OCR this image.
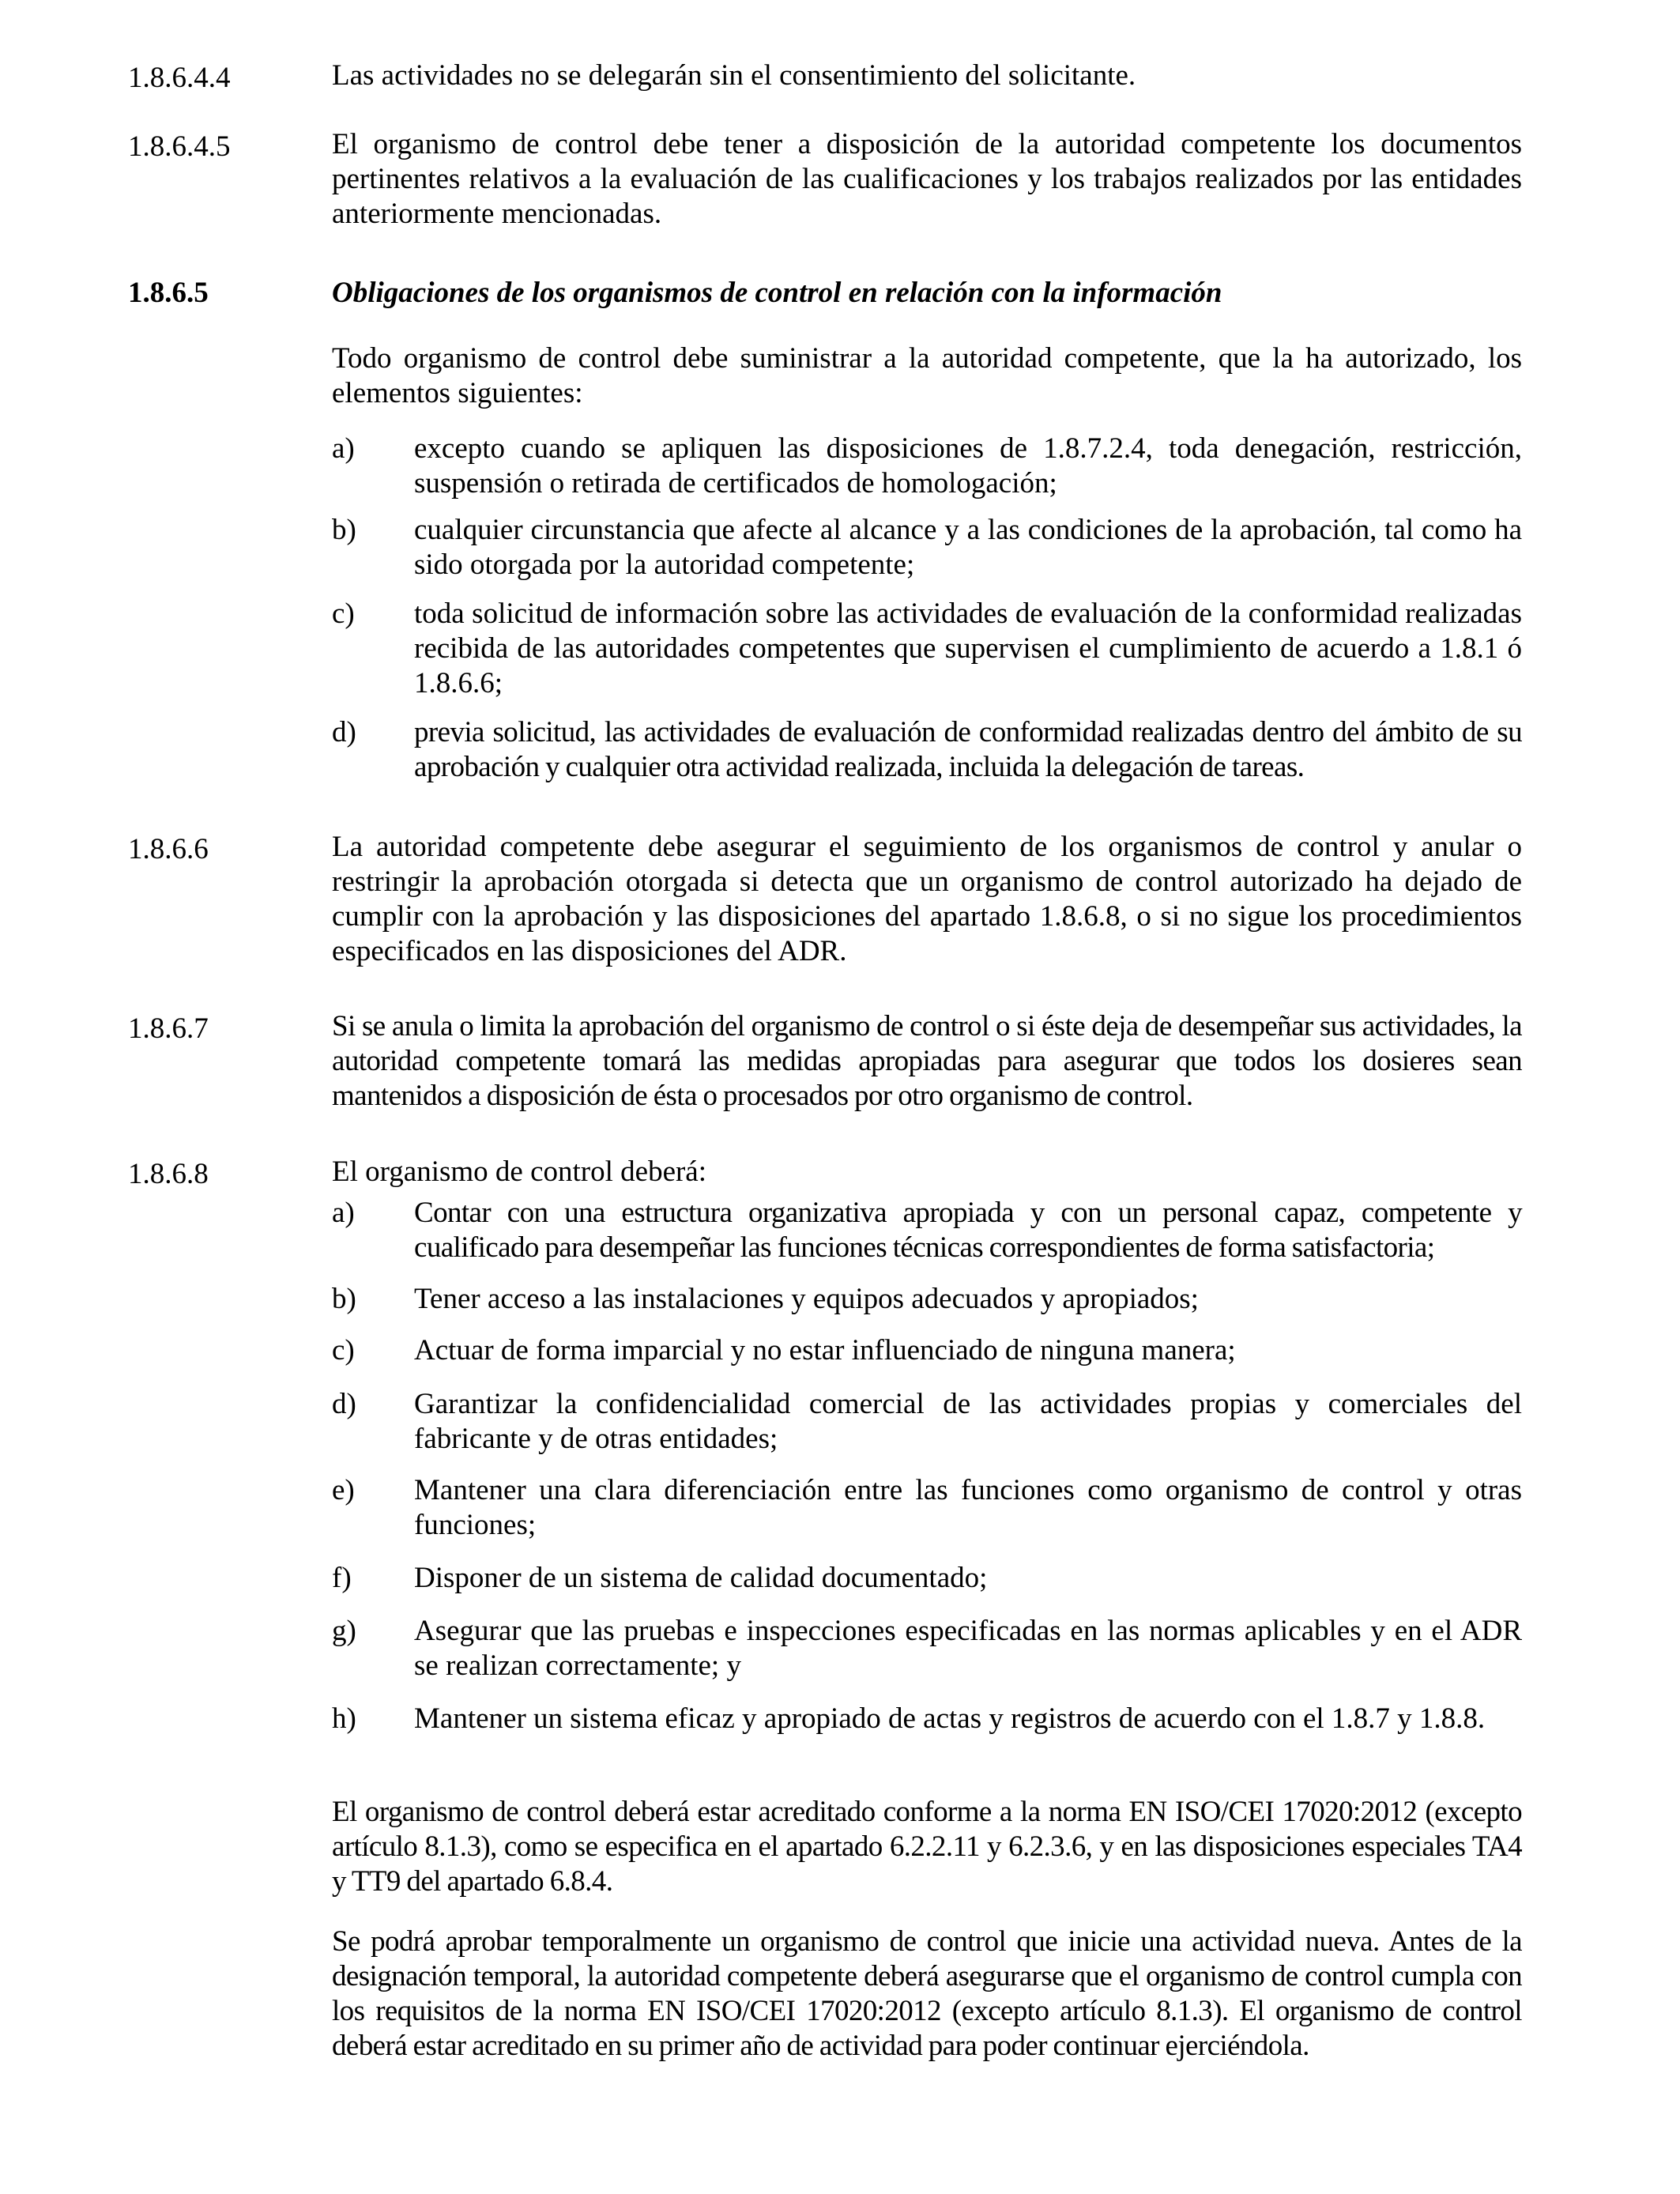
1.8.6.4.4	Las actividades no se delegarán sin el consentimiento del solicitante.
1.8.6.4.5	El organismo de control debe tener a disposición de la autoridad competente los documentos pertinentes relativos a la evaluación de las cualificaciones y los trabajos realizados por las entidades anteriormente mencionadas.
1.8.6.5	Obligaciones de los organismos de control en relación con la información
Todo organismo de control debe suministrar a la autoridad competente, que la ha autorizado, los elementos siguientes:
a) excepto cuando se apliquen las disposiciones de 1.8.7.2.4, toda denegación, restricción, suspensión o retirada de certificados de homologación;
b) cualquier circunstancia que afecte al alcance y a las condiciones de la aprobación, tal como ha sido otorgada por la autoridad competente;
c) toda solicitud de información sobre las actividades de evaluación de la conformidad realizadas recibida de las autoridades competentes que supervisen el cumplimiento de acuerdo a 1.8.1 ó 1.8.6.6;
d) previa solicitud, las actividades de evaluación de conformidad realizadas dentro del ámbito de su aprobación y cualquier otra actividad realizada, incluida la delegación de tareas.
1.8.6.6	La autoridad competente debe asegurar el seguimiento de los organismos de control y anular o restringir la aprobación otorgada si detecta que un organismo de control autorizado ha dejado de cumplir con la aprobación y las disposiciones del apartado 1.8.6.8, o si no sigue los procedimientos especificados en las disposiciones del ADR.
1.8.6.7	Si se anula o limita la aprobación del organismo de control o si éste deja de desempeñar sus actividades, la autoridad competente tomará las medidas apropiadas para asegurar que todos los dosieres sean mantenidos a disposición de ésta o procesados por otro organismo de control.
1.8.6.8	El organismo de control deberá:
a) Contar con una estructura organizativa apropiada y con un personal capaz, competente y cualificado para desempeñar las funciones técnicas correspondientes de forma satisfactoria;
b) Tener acceso a las instalaciones y equipos adecuados y apropiados;
c) Actuar de forma imparcial y no estar influenciado de ninguna manera;
d) Garantizar la confidencialidad comercial de las actividades propias y comerciales del fabricante y de otras entidades;
e) Mantener una clara diferenciación entre las funciones como organismo de control y otras funciones;
f) Disponer de un sistema de calidad documentado;
g) Asegurar que las pruebas e inspecciones especificadas en las normas aplicables y en el ADR se realizan correctamente; y
h) Mantener un sistema eficaz y apropiado de actas y registros de acuerdo con el 1.8.7 y 1.8.8.
El organismo de control deberá estar acreditado conforme a la norma EN ISO/CEI 17020:2012 (excepto artículo 8.1.3), como se especifica en el apartado 6.2.2.11 y 6.2.3.6, y en las disposiciones especiales TA4 y TT9 del apartado 6.8.4.
Se podrá aprobar temporalmente un organismo de control que inicie una actividad nueva. Antes de la designación temporal, la autoridad competente deberá asegurarse que el organismo de control cumpla con los requisitos de la norma EN ISO/CEI 17020:2012 (excepto artículo 8.1.3). El organismo de control deberá estar acreditado en su primer año de actividad para poder continuar ejerciéndola.
